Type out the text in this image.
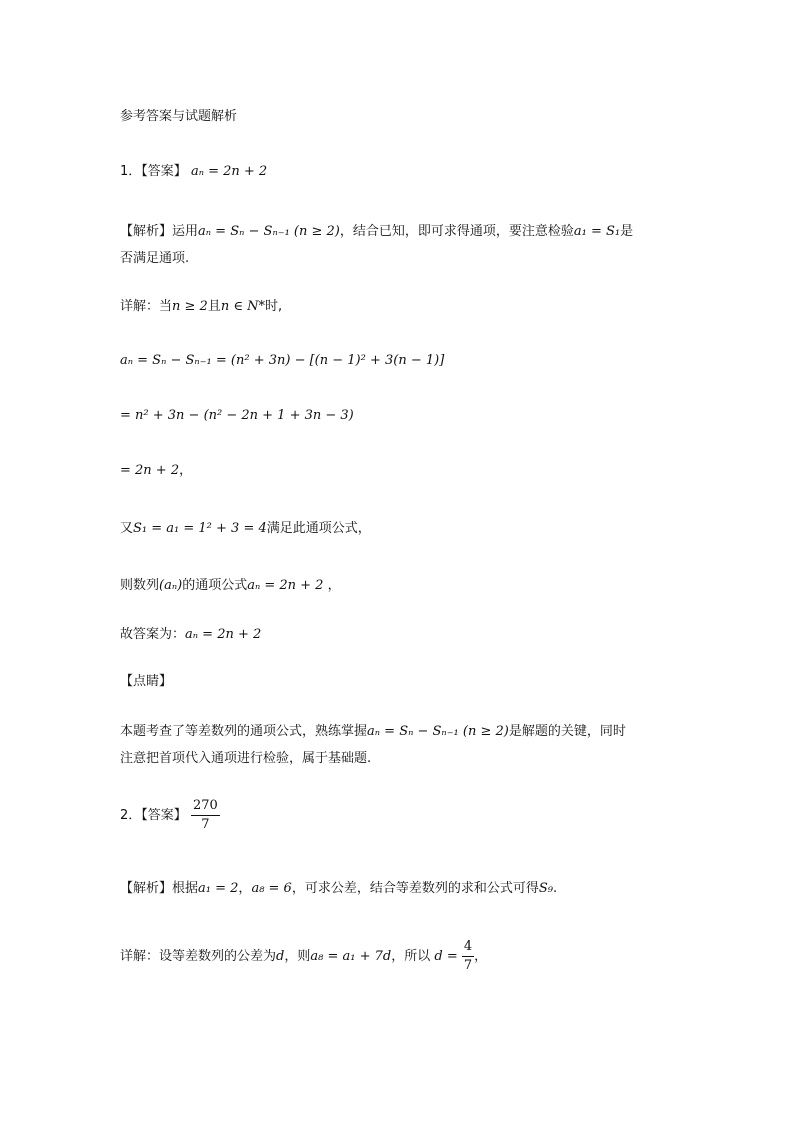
参考答案与试题解析
1．【答案】 aₙ = 2n + 2
【解析】运用aₙ = Sₙ − Sₙ₋₁ (n ≥ 2)，结合已知，即可求得通项，要注意检验a₁ = S₁是
否满足通项.
详解：当n ≥ 2且n ∈ N*时,
aₙ = Sₙ − Sₙ₋₁ = (n² + 3n) − [(n − 1)² + 3(n − 1)]
= n² + 3n − (n² − 2n + 1 + 3n − 3)
= 2n + 2，
又S₁ = a₁ = 1² + 3 = 4满足此通项公式，
则数列(aₙ)的通项公式aₙ = 2n + 2 ，
故答案为：aₙ = 2n + 2
【点睛】
本题考查了等差数列的通项公式，熟练掌握aₙ = Sₙ − Sₙ₋₁ (n ≥ 2)是解题的关键，同时
注意把首项代入通项进行检验，属于基础题.
2．【答案】 $\frac{270}{7}$
【解析】根据a₁ = 2，a₈ = 6，可求公差，结合等差数列的求和公式可得S₉.
详解：设等差数列的公差为d，则a₈ = a₁ + 7d，所以 $d = \frac{4}{7}$ ，
